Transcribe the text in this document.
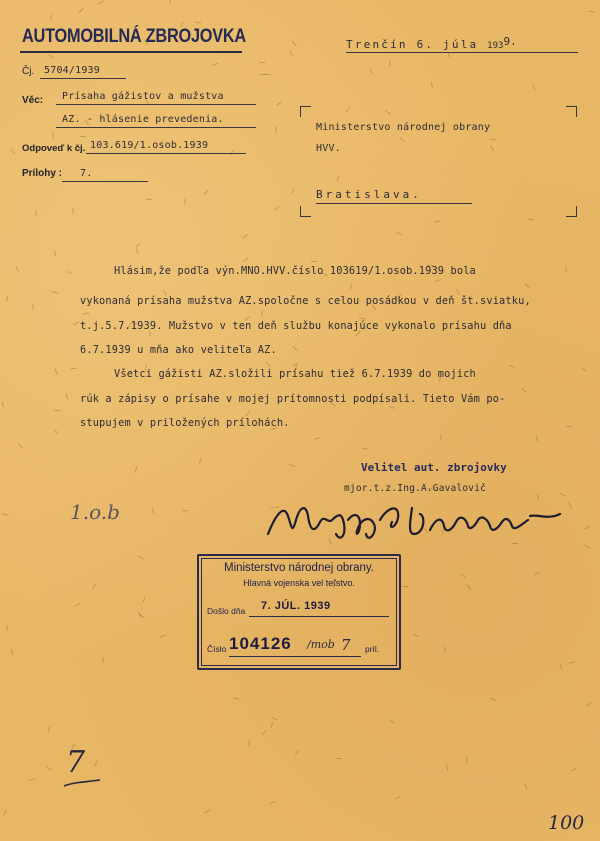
AUTOMOBILNÁ ZBROJOVKA
Čj. 5704/1939
Věc: Prísaha gážistov a mužstva
AZ. - hlásenie prevedenia.
Odpoveď k čj. 103.619/1.osob.1939
Prílohy : 7.
Trenčín 6. júla 1939.
Ministerstvo národnej obrany
HVV.
Bratislava.
Hlásim,že podľa výn.MNO.HVV.číslo 103619/1.osob.1939 bola
vykonaná prísaha mužstva AZ.spoločne s celou posádkou v deň št.sviatku,
t.j.5.7.1939. Mužstvo v ten deň službu konajúce vykonalo prísahu dňa
6.7.1939 u mňa ako veliteľa AZ.
Všetci gážisti AZ.složili prísahu tiež 6.7.1939 do mojich
rúk a zápisy o prísahe v mojej prítomnosti podpísali. Tieto Vám po-
stupujem v priložených prílohách.
Velitel aut. zbrojovky
mjor.t.z.Ing.A.Gavalovič
Mjr Ing Gavalovič
Ministerstvo národnej obrany.
Hlavná vojenska vel teľstvo.
Došlo dňa 7. JÚL. 1939
Číslo 104126 /mob 7 príl.
1.o.b
7
100
